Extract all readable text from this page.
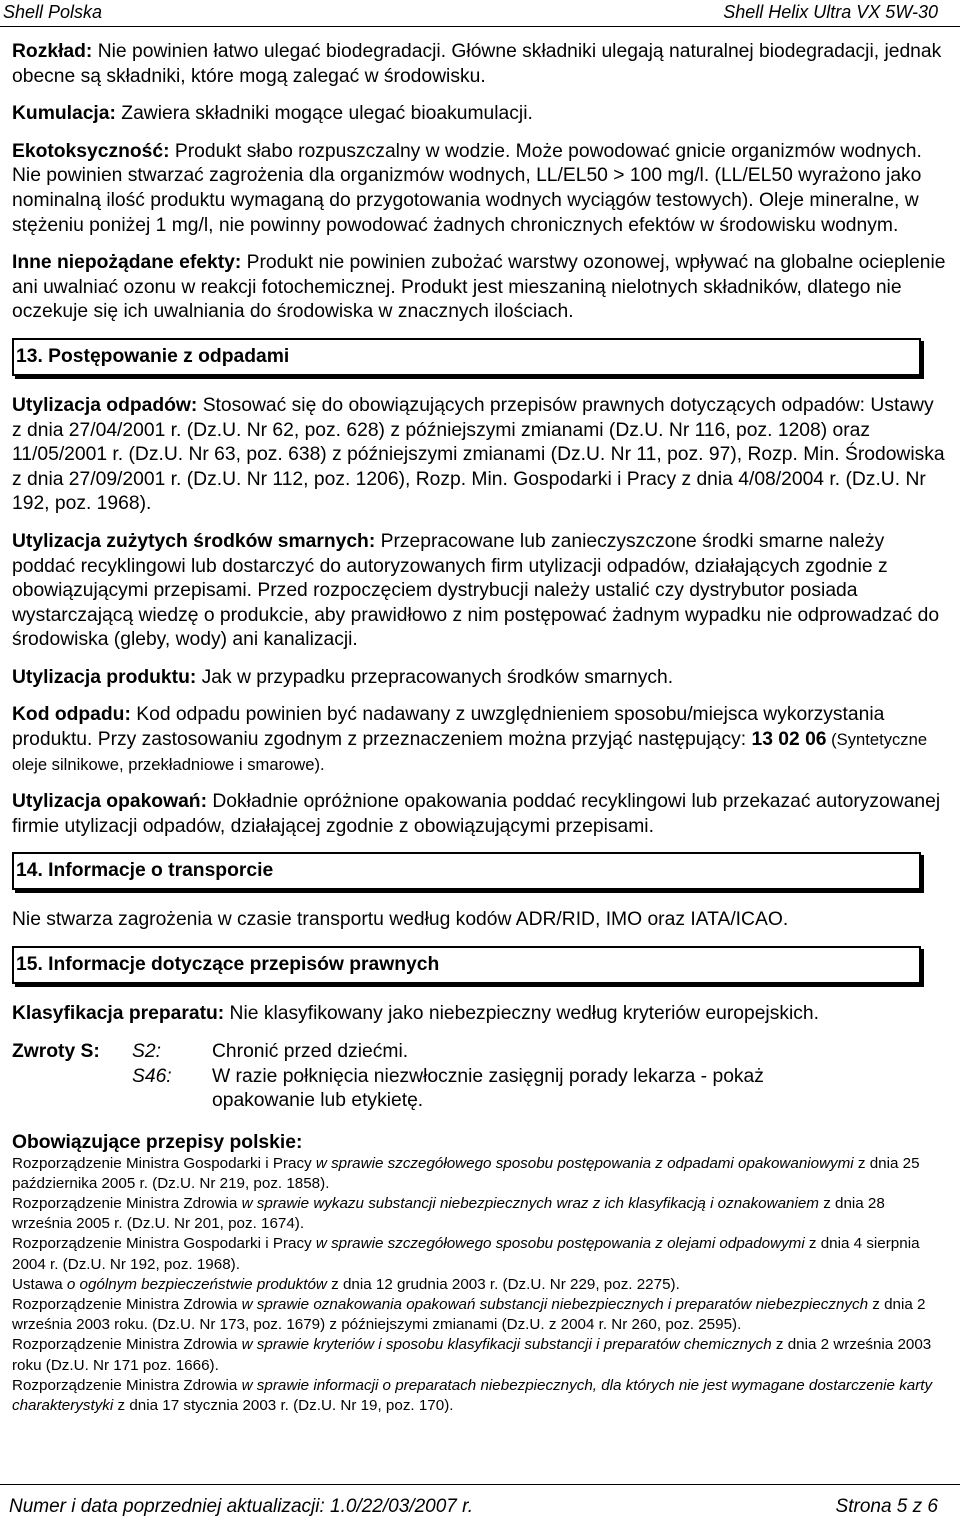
Shell Polska	Shell Helix Ultra VX 5W-30

Rozkład: Nie powinien łatwo ulegać biodegradacji. Główne składniki ulegają naturalnej biodegradacji, jednak obecne są składniki, które mogą zalegać w środowisku.

Kumulacja: Zawiera składniki mogące ulegać bioakumulacji.

Ekotoksyczność: Produkt słabo rozpuszczalny w wodzie. Może powodować gnicie organizmów wodnych. Nie powinien stwarzać zagrożenia dla organizmów wodnych, LL/EL50 > 100 mg/l. (LL/EL50 wyrażono jako nominalną ilość produktu wymaganą do przygotowania wodnych wyciągów testowych). Oleje mineralne, w stężeniu poniżej 1 mg/l, nie powinny powodować żadnych chronicznych efektów w środowisku wodnym.

Inne niepożądane efekty: Produkt nie powinien zubożać warstwy ozonowej, wpływać na globalne ocieplenie ani uwalniać ozonu w reakcji fotochemicznej. Produkt jest mieszaniną nielotnych składników, dlatego nie oczekuje się ich uwalniania do środowiska w znacznych ilościach.

13. Postępowanie z odpadami

Utylizacja odpadów: Stosować się do obowiązujących przepisów prawnych dotyczących odpadów: Ustawy z dnia 27/04/2001 r. (Dz.U. Nr 62, poz. 628) z późniejszymi zmianami (Dz.U. Nr 116, poz. 1208) oraz 11/05/2001 r. (Dz.U. Nr 63, poz. 638) z późniejszymi zmianami (Dz.U. Nr 11, poz. 97), Rozp. Min. Środowiska z dnia 27/09/2001 r. (Dz.U. Nr 112, poz. 1206), Rozp. Min. Gospodarki i Pracy z dnia 4/08/2004 r. (Dz.U. Nr 192, poz. 1968).

Utylizacja zużytych środków smarnych: Przepracowane lub zanieczyszczone środki smarne należy poddać recyklingowi lub dostarczyć do autoryzowanych firm utylizacji odpadów, działających zgodnie z obowiązującymi przepisami. Przed rozpoczęciem dystrybucji należy ustalić czy dystrybutor posiada wystarczającą wiedzę o produkcie, aby prawidłowo z nim postępować żadnym wypadku nie odprowadzać do środowiska (gleby, wody) ani kanalizacji.

Utylizacja produktu: Jak w przypadku przepracowanych środków smarnych.

Kod odpadu: Kod odpadu powinien być nadawany z uwzględnieniem sposobu/miejsca wykorzystania produktu. Przy zastosowaniu zgodnym z przeznaczeniem można przyjąć następujący: 13 02 06 (Syntetyczne oleje silnikowe, przekładniowe i smarowe).

Utylizacja opakowań: Dokładnie opróżnione opakowania poddać recyklingowi lub przekazać autoryzowanej firmie utylizacji odpadów, działającej zgodnie z obowiązującymi przepisami.

14. Informacje o transporcie

Nie stwarza zagrożenia w czasie transportu według kodów ADR/RID, IMO oraz IATA/ICAO.

15. Informacje dotyczące przepisów prawnych

Klasyfikacja preparatu: Nie klasyfikowany jako niebezpieczny według kryteriów europejskich.

Zwroty S: S2:	Chronić przed dziećmi.
S46: W razie połknięcia niezwłocznie zasięgnij porady lekarza - pokaż opakowanie lub etykietę.
Obowiązujące przepisy polskie:

Rozporządzenie Ministra Gospodarki i Pracy w sprawie szczegółowego sposobu postępowania z odpadami opakowaniowymi z dnia 25 października 2005 r. (Dz.U. Nr 219, poz. 1858).

Rozporządzenie Ministra Zdrowia w sprawie wykazu substancji niebezpiecznych wraz z ich klasyfikacją i oznakowaniem z dnia 28 września 2005 r. (Dz.U. Nr 201, poz. 1674).

Rozporządzenie Ministra Gospodarki i Pracy w sprawie szczegółowego sposobu postępowania z olejami odpadowymi z dnia 4 sierpnia 2004 r. (Dz.U. Nr 192, poz. 1968).

Ustawa o ogólnym bezpieczeństwie produktów z dnia 12 grudnia 2003 r. (Dz.U. Nr 229, poz. 2275).

Rozporządzenie Ministra Zdrowia w sprawie oznakowania opakowań substancji niebezpiecznych i preparatów niebezpiecznych z dnia 2 września 2003 roku. (Dz.U. Nr 173, poz. 1679) z późniejszymi zmianami (Dz.U. z 2004 r. Nr 260, poz. 2595).

Rozporządzenie Ministra Zdrowia w sprawie kryteriów i sposobu klasyfikacji substancji i preparatów chemicznych z dnia 2 września 2003 roku (Dz.U. Nr 171 poz. 1666).

Rozporządzenie Ministra Zdrowia w sprawie informacji o preparatach niebezpiecznych, dla których nie jest wymagane dostarczenie karty charakterystyki z dnia 17 stycznia 2003 r. (Dz.U. Nr 19, poz. 170).

Numer i data poprzedniej aktualizacji: 1.0/22/03/2007 r.	Strona 5 z 6
